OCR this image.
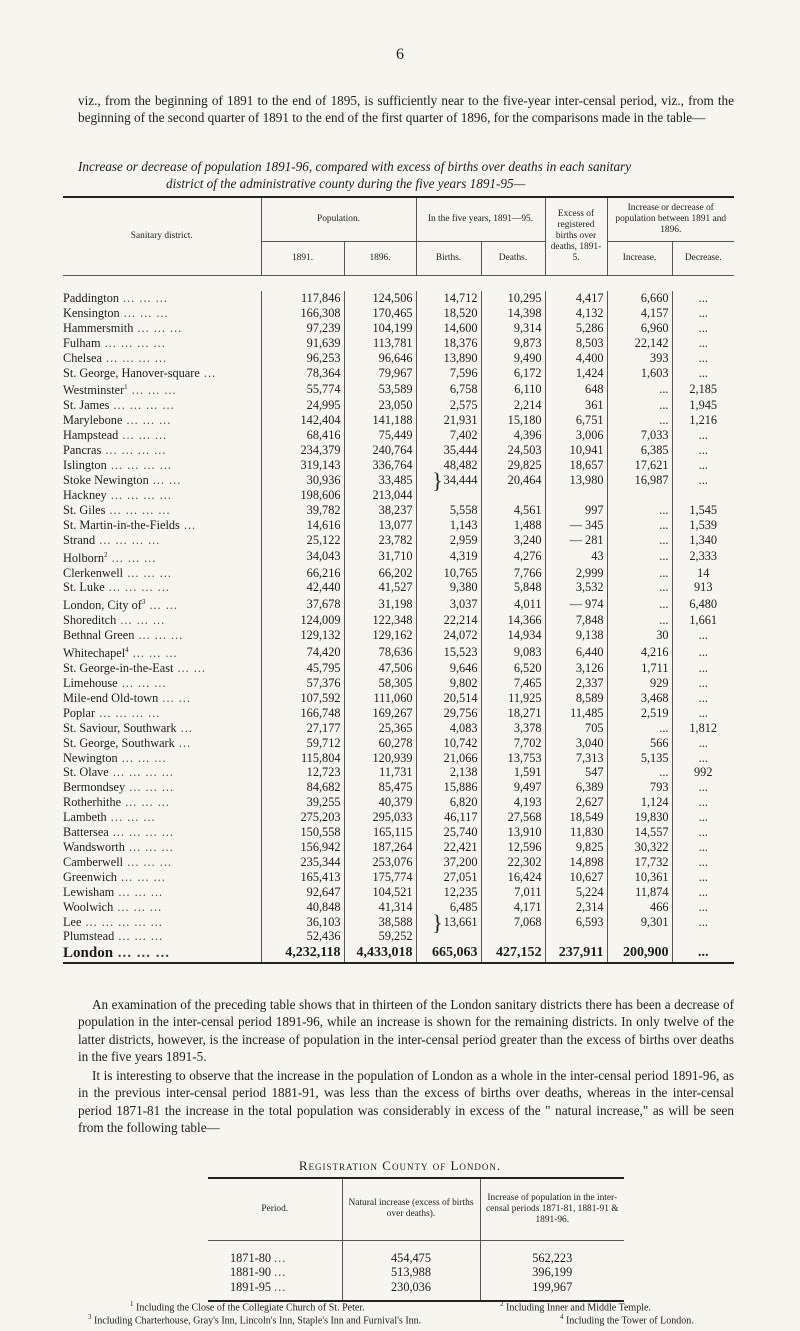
6

viz., from the beginning of 1891 to the end of 1895, is sufficiently near to the five-year inter-censal period, viz., from the beginning of the second quarter of 1891 to the end of the first quarter of 1896, for the comparisons made in the table—

Increase or decrease of population 1891-96, compared with excess of births over deaths in each sanitary
district of the administrative county during the five years 1891-95—
Sanitary district.	Population.		In the five years, 1891—95.		Excess of registered births over deaths, 1891-5.	Increase or decrease of population between 1891 and 1896.	
	1891.	1896.	Births.	Deaths.		Increase.	Decrease.

Paddington ... ... ...	117,846	124,506	14,712	10,295	4,417	6,660	...
Kensington ... ... ...	166,308	170,465	18,520	14,398	4,132	4,157	...
Hammersmith ... ... ...	97,239	104,199	14,600	9,314	5,286	6,960	...
Fulham ... ... ... ...	91,639	113,781	18,376	9,873	8,503	22,142	...
Chelsea ... ... ... ...	96,253	96,646	13,890	9,490	4,400	393	...
St. George, Hanover-square ...	78,364	79,967	7,596	6,172	1,424	1,603	...
Westminster$^1$ ... ... ...	55,774	53,589	6,758	6,110	648	...	2,185
St. James ... ... ... ...	24,995	23,050	2,575	2,214	361	...	1,945
Marylebone ... ... ...	142,404	141,188	21,931	15,180	6,751	...	1,216
Hampstead ... ... ...	68,416	75,449	7,402	4,396	3,006	7,033	...
Pancras ... ... ... ...	234,379	240,764	35,444	24,503	10,941	6,385	...
Islington ... ... ... ...	319,143	336,764	48,482	29,825	18,657	17,621	...
Stoke Newington ... ...	30,936	33,485	}34,444	20,464	13,980	16,987	...
Hackney ... ... ... ...	198,606	213,044					
St. Giles ... ... ... ...	39,782	38,237	5,558	4,561	997	...	1,545
St. Martin-in-the-Fields ...	14,616	13,077	1,143	1,488	— 345	...	1,539
Strand ... ... ... ...	25,122	23,782	2,959	3,240	— 281	...	1,340
Holborn$^2$ ... ... ...	34,043	31,710	4,319	4,276	43	...	2,333
Clerkenwell ... ... ...	66,216	66,202	10,765	7,766	2,999	...	14
St. Luke ... ... ... ...	42,440	41,527	9,380	5,848	3,532	...	913
London, City $of^3$ ... ...	37,678	31,198	3,037	4,011	— 974	...	6,480
Shoreditch ... ... ...	124,009	122,348	22,214	14,366	7,848	...	1,661
Bethnal Green ... ... ...	129,132	129,162	24,072	14,934	9,138	30	...
Whitechapel$^4$ ... ... ...	74,420	78,636	15,523	9,083	6,440	4,216	...
St. George-in-the-East ... ...	45,795	47,506	9,646	6,520	3,126	1,711	...
Limehouse ... ... ...	57,376	58,305	9,802	7,465	2,337	929	...
Mile-end Old-town ... ...	107,592	111,060	20,514	11,925	8,589	3,468	...
Poplar ... ... ... ...	166,748	169,267	29,756	18,271	11,485	2,519	...
St. Saviour, Southwark ...	27,177	25,365	4,083	3,378	705	...	1,812
St. George, Southwark ...	59,712	60,278	10,742	7,702	3,040	566	...
Newington ... ... ...	115,804	120,939	21,066	13,753	7,313	5,135	...
St. Olave ... ... ... ...	12,723	11,731	2,138	1,591	547	...	992
Bermondsey ... ... ...	84,682	85,475	15,886	9,497	6,389	793	...
Rotherhithe ... ... ...	39,255	40,379	6,820	4,193	2,627	1,124	...
Lambeth ... ... ...	275,203	295,033	46,117	27,568	18,549	19,830	...
Battersea ... ... ... ...	150,558	165,115	25,740	13,910	11,830	14,557	...
Wandsworth ... ... ...	156,942	187,264	22,421	12,596	9,825	30,322	...
Camberwell ... ... ...	235,344	253,076	37,200	22,302	14,898	17,732	...
Greenwich ... ... ...	165,413	175,774	27,051	16,424	10,627	10,361	...
Lewisham ... ... ...	92,647	104,521	12,235	7,011	5,224	11,874	...
Woolwich ... ... ...	40,848	41,314	6,485	4,171	2,314	466	...
Lee ... ... ... ... ...	36,103	38,588	}13,661	7,068	6,593	9,301	...
Plumstead ... ... ...	52,436	59,252					
London ... ... ...	4,232,118	4,433,018	665,063	427,152	237,911	200,900	...

An examination of the preceding table shows that in thirteen of the London sanitary districts there has been a decrease of population in the inter-censal period 1891-96, while an increase is shown for the remaining districts. In only twelve of the latter districts, however, is the increase of population in the inter-censal period greater than the excess of births over deaths in the five years 1891-5.

Registration County of London.
Period.	Natural increase (excess of births over deaths).	Increase of population in the inter-censal periods 1871-81, 1881-91 & 1891-96.
1871-80 ...	454,475	562,223
1881-90 ...	513,988	396,199
1891-95 ...	230,036	199,967
$^1$ Including the Close of the Collegiate Church of St. Peter.	$^2$ Including Inner and Middle Temple.
$^3$ Including Charterhouse, Gray's Inn, Lincoln's Inn, Staple's Inn and Furnival's Inn.	$^4$ Including the Tower of London.

It is interesting to observe that the increase in the population of London as a whole in the inter-censal period 1891-96, as in the previous inter-censal period 1881-91, was less than the excess of births over deaths, whereas in the inter-censal period 1871-81 the increase in the total population was considerably in excess of the " natural increase," as will be seen from the following table—
